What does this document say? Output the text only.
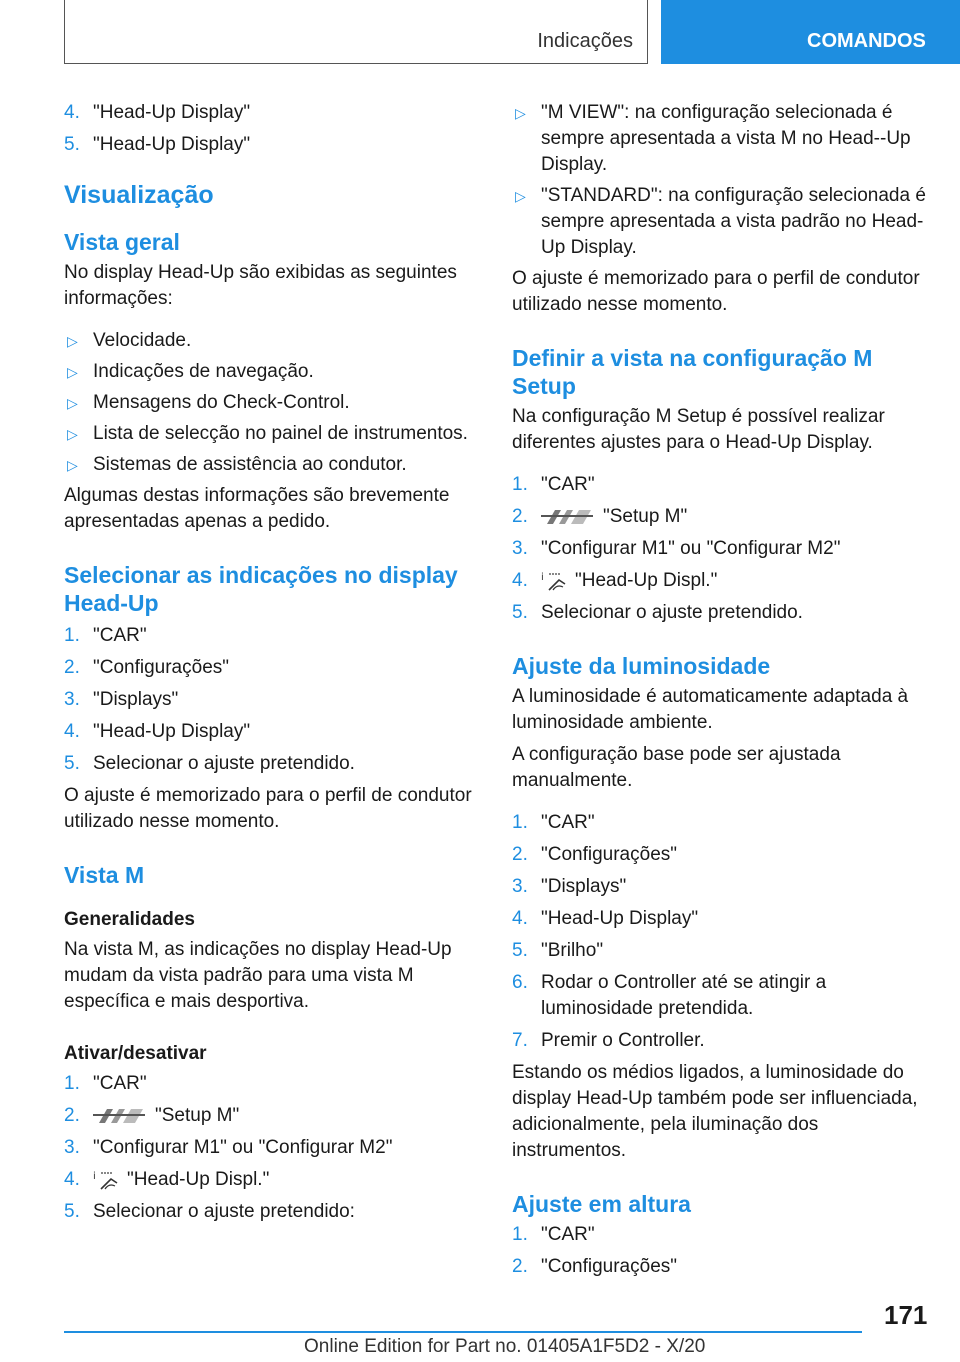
Indicações	COMANDOS
4. "Head-Up Display"
5. "Head-Up Display"
Visualização
Vista geral

No display Head-Up são exibidas as seguintes informações:

▷ Velocidade.
▷ Indicações de navegação.
▷ Mensagens do Check-Control.
▷ Lista de selecção no painel de instrumentos.
▷ Sistemas de assistência ao condutor.

Algumas destas informações são brevemente apresentadas apenas a pedido.

Selecionar as indicações no display Head-Up
1. "CAR"
2. "Configurações"
3. "Displays"
4. "Head-Up Display"
5. Selecionar o ajuste pretendido.

O ajuste é memorizado para o perfil de condutor utilizado nesse momento.

Vista M
Generalidades

Na vista M, as indicações no display Head-Up mudam da vista padrão para uma vista M específica e mais desportiva.

Ativar/desativar
1. "CAR"
2.	"Setup M"
3. "Configurar M1" ou "Configurar M2"
4.	i "Head-Up Displ."
5. Selecionar o ajuste pretendido:
▷ "M VIEW": na configuração selecionada é sempre apresentada a vista M no Head--Up Display.
▷ "STANDARD": na configuração selecionada é sempre apresentada a vista padrão no Head-Up Display.

O ajuste é memorizado para o perfil de condutor utilizado nesse momento.

Definir a vista na configuração M Setup

Na configuração M Setup é possível realizar diferentes ajustes para o Head-Up Display.

1. "CAR"
2.	"Setup M"
3. "Configurar M1" ou "Configurar M2"
4.	i "Head-Up Displ."
5. Selecionar o ajuste pretendido.
Ajuste da luminosidade

A luminosidade é automaticamente adaptada à luminosidade ambiente.

A configuração base pode ser ajustada manualmente.

1. "CAR"
2. "Configurações"
3. "Displays"
4. "Head-Up Display"
5. "Brilho"
6. Rodar o Controller até se atingir a luminosidade pretendida.
7. Premir o Controller.

Estando os médios ligados, a luminosidade do display Head-Up também pode ser influenciada, adicionalmente, pela iluminação dos instrumentos.

Ajuste em altura
1. "CAR"
2. "Configurações"
171
Online Edition for Part no. 01405A1F5D2 - X/20
